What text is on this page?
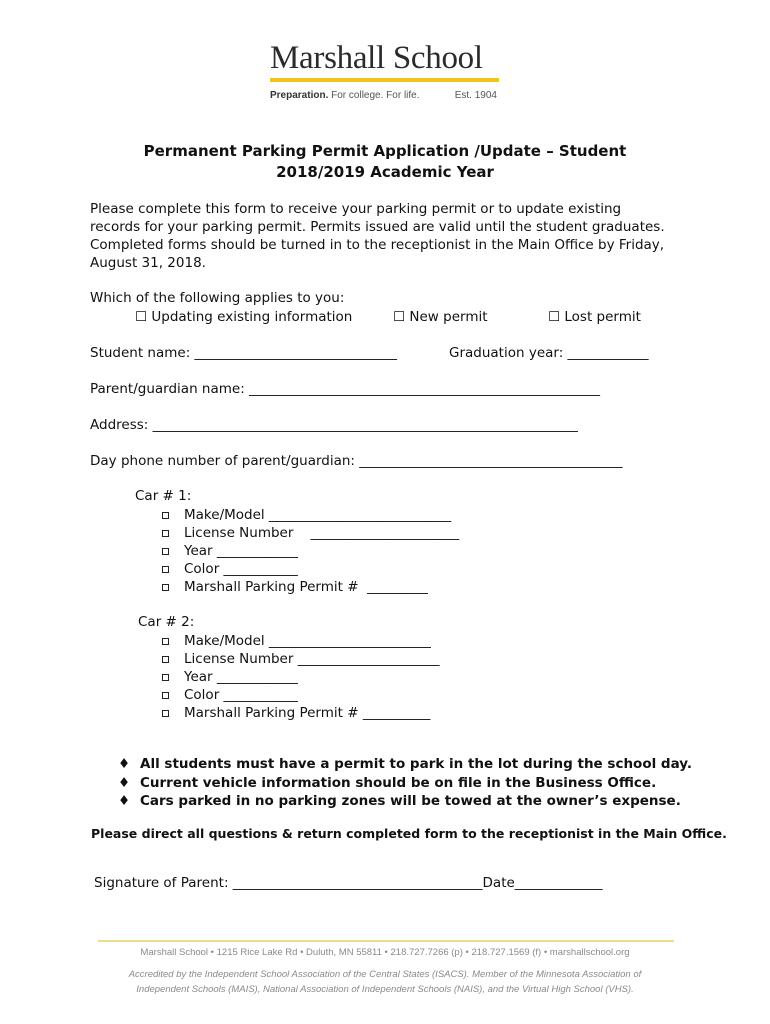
Marshall School
Preparation. For college. For life.	Est. 1904
Permanent Parking Permit Application /Update – Student
2018/2019 Academic Year
Please complete this form to receive your parking permit or to update existing
records for your parking permit. Permits issued are valid until the student graduates.
Completed forms should be turned in to the receptionist in the Main Office by Friday,
August 31, 2018.
Which of the following applies to you:
☐ Updating existing information	☐ New permit	☐ Lost permit
Student name: ______________________________	Graduation year: ____________
Parent/guardian name: ____________________________________________________
Address: _______________________________________________________________
Day phone number of parent/guardian: _______________________________________
Car # 1:
Make/Model ___________________________
License Number    ______________________
Year ____________
Color ___________
Marshall Parking Permit #  _________
Car # 2:
Make/Model ________________________
License Number _____________________
Year ____________
Color ___________
Marshall Parking Permit # __________
♦ All students must have a permit to park in the lot during the school day.
♦ Current vehicle information should be on file in the Business Office.
♦ Cars parked in no parking zones will be towed at the owner’s expense.
Please direct all questions & return completed form to the receptionist in the Main Office.
Signature of Parent: _____________________________________Date_____________
Marshall School • 1215 Rice Lake Rd • Duluth, MN 55811 • 218.727.7266 (p) • 218.727.1569 (f) • marshallschool.org
Accredited by the Independent School Association of the Central States (ISACS). Member of the Minnesota Association of
Independent Schools (MAIS), National Association of Independent Schools (NAIS), and the Virtual High School (VHS).
